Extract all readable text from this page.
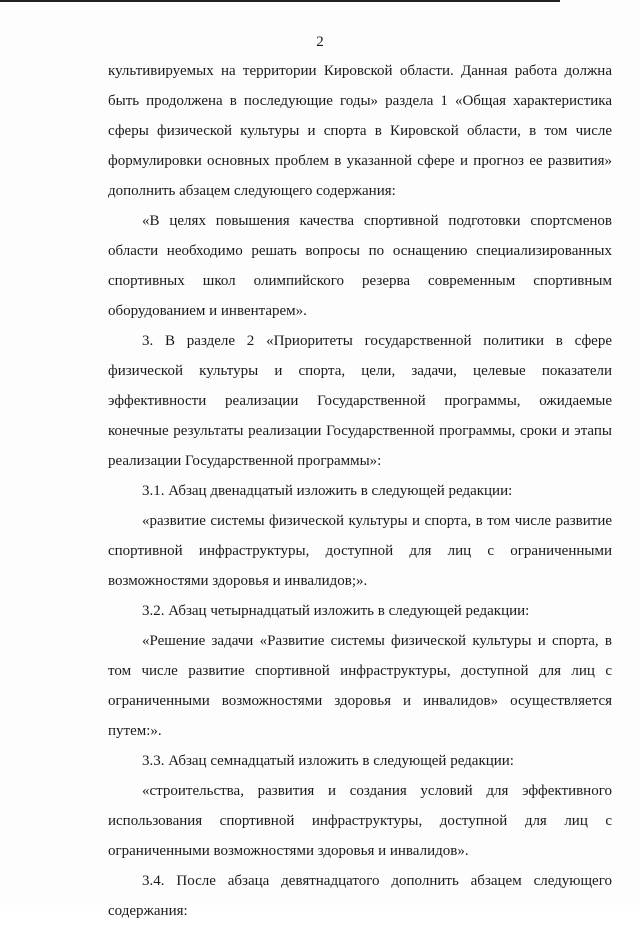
2

культивируемых на территории Кировской области. Данная работа должна быть продолжена в последующие годы» раздела 1 «Общая характеристика сферы физической культуры и спорта в Кировской области, в том числе формулировки основных проблем в указанной сфере и прогноз ее развития» дополнить абзацем следующего содержания:

«В целях повышения качества спортивной подготовки спортсменов области необходимо решать вопросы по оснащению специализированных спортивных школ олимпийского резерва современным спортивным оборудованием и инвентарем».

3. В разделе 2 «Приоритеты государственной политики в сфере физической культуры и спорта, цели, задачи, целевые показатели эффективности реализации Государственной программы, ожидаемые конечные результаты реализации Государственной программы, сроки и этапы реализации Государственной программы»:

3.1. Абзац двенадцатый изложить в следующей редакции:

«развитие системы физической культуры и спорта, в том числе развитие спортивной инфраструктуры, доступной для лиц с ограниченными возможностями здоровья и инвалидов;».

3.2. Абзац четырнадцатый изложить в следующей редакции:

«Решение задачи «Развитие системы физической культуры и спорта, в том числе развитие спортивной инфраструктуры, доступной для лиц с ограниченными возможностями здоровья и инвалидов» осуществляется путем:».

3.3. Абзац семнадцатый изложить в следующей редакции:

«строительства, развития и создания условий для эффективного использования спортивной инфраструктуры, доступной для лиц с ограниченными возможностями здоровья и инвалидов».

3.4. После абзаца девятнадцатого дополнить абзацем следующего содержания:
